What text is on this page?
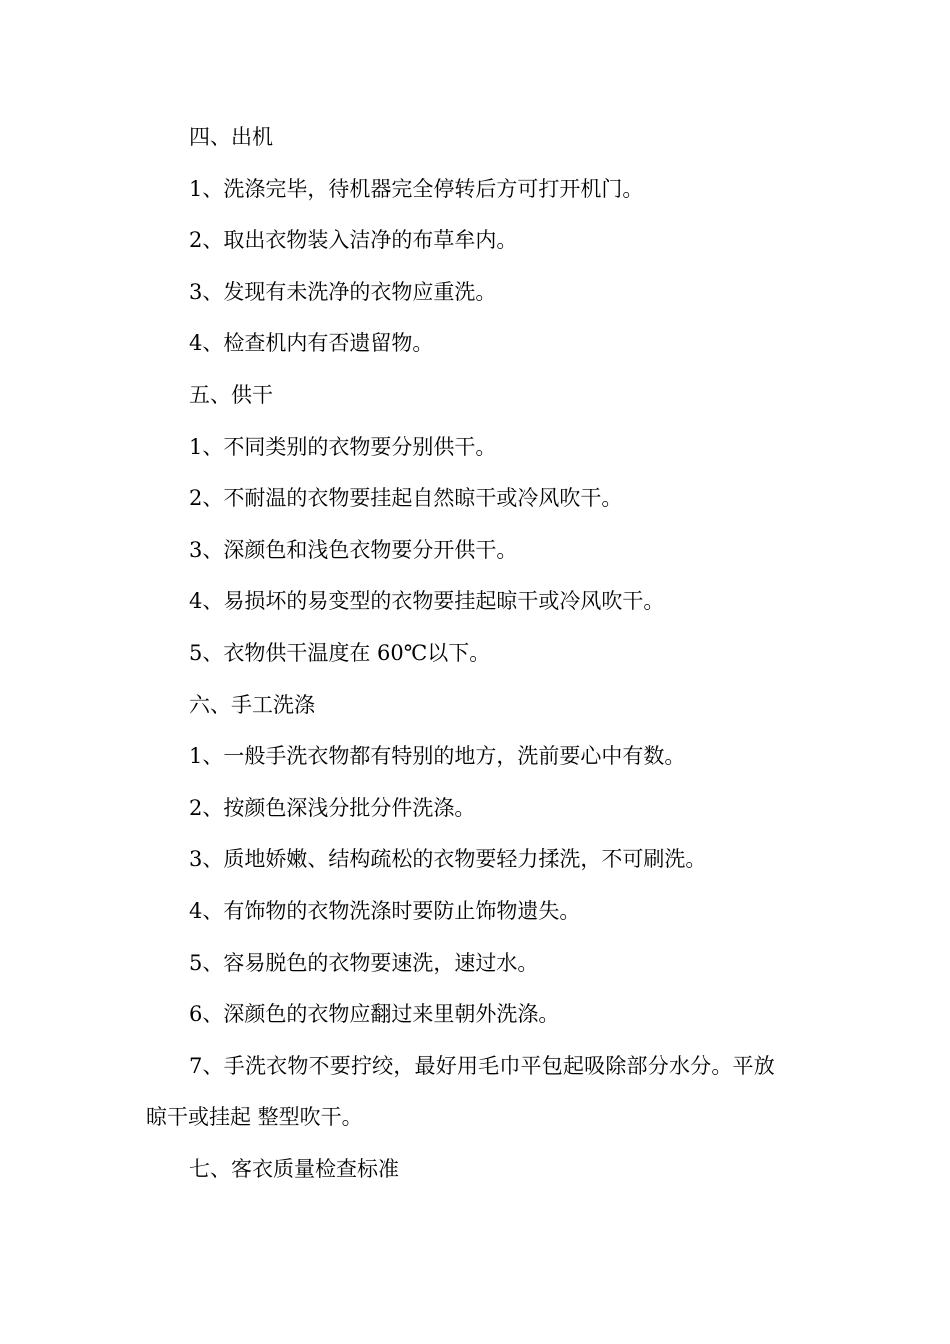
四、出机
1、洗涤完毕，待机器完全停转后方可打开机门。
2、取出衣物装入洁净的布草牟内。
3、发现有未洗净的衣物应重洗。
4、检查机内有否遗留物。
五、供干
1、不同类别的衣物要分别供干。
2、不耐温的衣物要挂起自然晾干或冷风吹干。
3、深颜色和浅色衣物要分开供干。
4、易损坏的易变型的衣物要挂起晾干或冷风吹干。
5、衣物供干温度在 60℃以下。
六、手工洗涤
1、一般手洗衣物都有特别的地方，洗前要心中有数。
2、按颜色深浅分批分件洗涤。
3、质地娇嫩、结构疏松的衣物要轻力揉洗，不可刷洗。
4、有饰物的衣物洗涤时要防止饰物遗失。
5、容易脱色的衣物要速洗，速过水。
6、深颜色的衣物应翻过来里朝外洗涤。
7、手洗衣物不要拧绞，最好用毛巾平包起吸除部分水分。平放
晾干或挂起 整型吹干。
七、客衣质量检查标准
